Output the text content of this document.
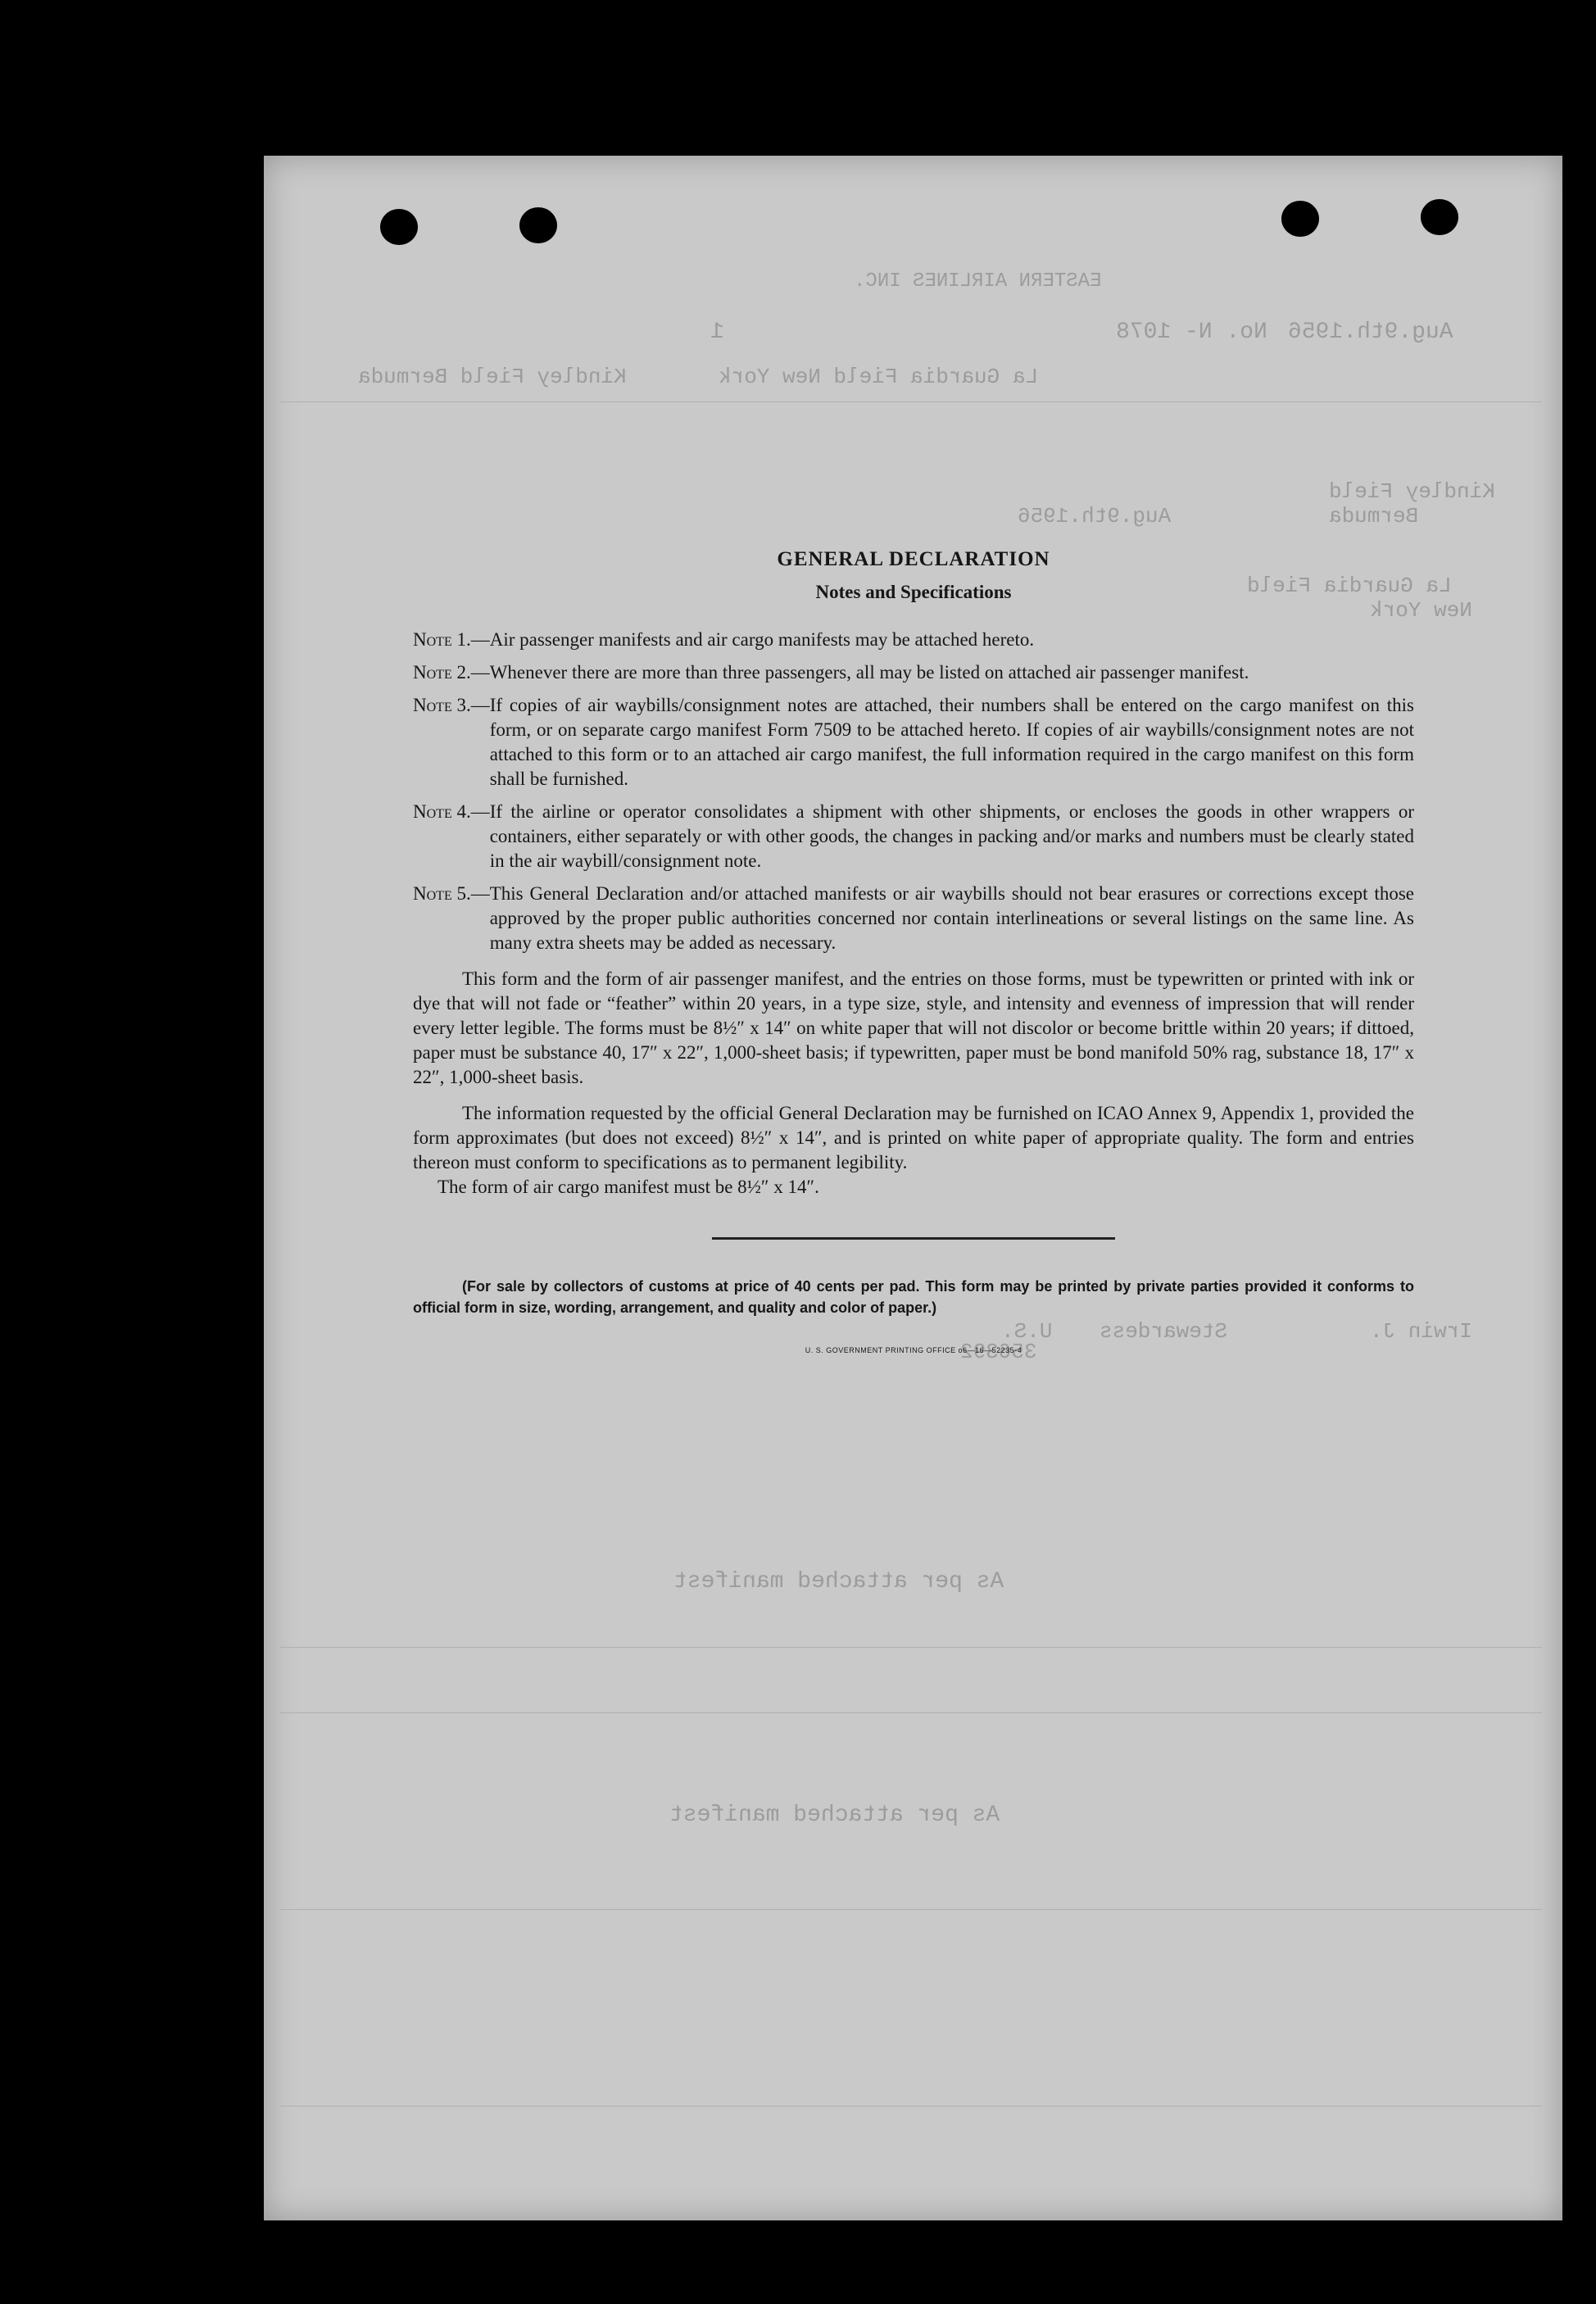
EASTERN AIRLINES INC.
No. N- 1078
1	Aug.9th.1956
Kindley Field Bermuda	La Guardia Field New York
Kindley Field
Bermuda
Aug.9th.1956
La Guardia Field
New York
Irwin J.
Stewardess
U.S.
356392
As per attached manifest
As per attached manifest
GENERAL DECLARATION
Notes and Specifications
Note 1.— Air passenger manifests and air cargo manifests may be attached hereto.
Note 2.— Whenever there are more than three passengers, all may be listed on attached air passenger manifest.
Note 3.— If copies of air waybills/consignment notes are attached, their numbers shall be entered on the cargo manifest on this form, or on separate cargo manifest Form 7509 to be attached hereto. If copies of air waybills/consignment notes are not attached to this form or to an attached air cargo manifest, the full information required in the cargo manifest on this form shall be furnished.
Note 4.— If the airline or operator consolidates a shipment with other shipments, or encloses the goods in other wrappers or containers, either separately or with other goods, the changes in packing and/or marks and numbers must be clearly stated in the air waybill/consignment note.
Note 5.— This General Declaration and/or attached manifests or air waybills should not bear erasures or corrections except those approved by the proper public authorities concerned nor contain interlineations or several listings on the same line. As many extra sheets may be added as necessary.

This form and the form of air passenger manifest, and the entries on those forms, must be typewritten or printed with ink or dye that will not fade or “feather” within 20 years, in a type size, style, and intensity and evenness of impression that will render every letter legible. The forms must be 8½″ x 14″ on white paper that will not discolor or become brittle within 20 years; if dittoed, paper must be substance 40, 17″ x 22″, 1,000-sheet basis; if typewritten, paper must be bond manifold 50% rag, substance 18, 17″ x 22″, 1,000-sheet basis.

The information requested by the official General Declaration may be furnished on ICAO Annex 9, Appendix 1, provided the form approximates (but does not exceed) 8½″ x 14″, and is printed on white paper of appropriate quality. The form and entries thereon must conform to specifications as to permanent legibility.

The form of air cargo manifest must be 8½″ x 14″.

(For sale by collectors of customs at price of 40 cents per pad. This form may be printed by private parties provided it conforms to official form in size, wording, arrangement, and quality and color of paper.)
U. S. GOVERNMENT PRINTING OFFICE o6—16—52235-4
